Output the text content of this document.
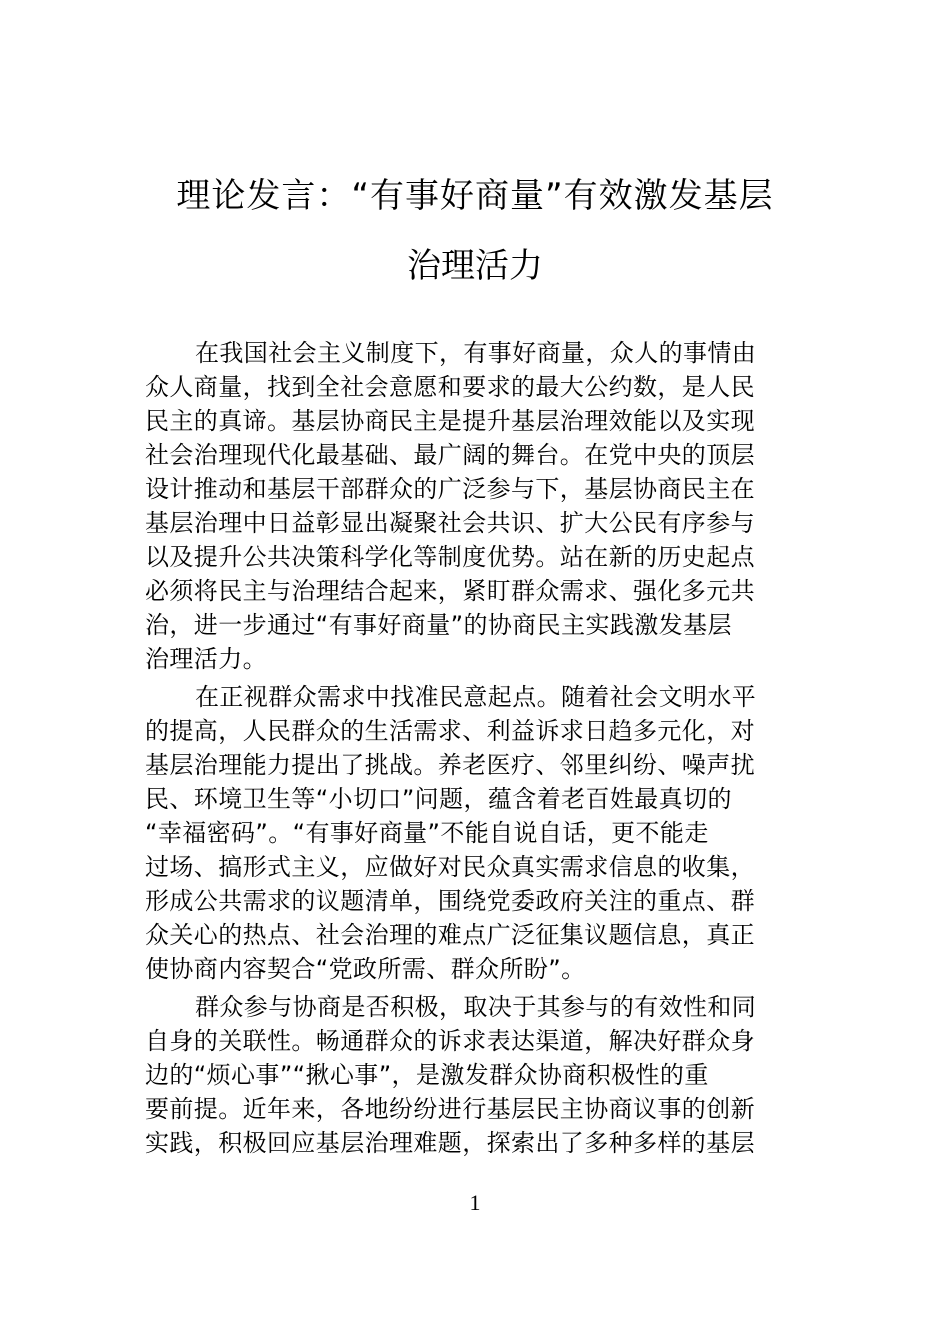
理论发言：“有事好商量”有效激发基层
治理活力
在我国社会主义制度下，有事好商量，众人的事情由
众人商量，找到全社会意愿和要求的最大公约数，是人民
民主的真谛。基层协商民主是提升基层治理效能以及实现
社会治理现代化最基础、最广阔的舞台。在党中央的顶层
设计推动和基层干部群众的广泛参与下，基层协商民主在
基层治理中日益彰显出凝聚社会共识、扩大公民有序参与
以及提升公共决策科学化等制度优势。站在新的历史起点
必须将民主与治理结合起来，紧盯群众需求、强化多元共
治，进一步通过“有事好商量”的协商民主实践激发基层
治理活力。
在正视群众需求中找准民意起点。随着社会文明水平
的提高，人民群众的生活需求、利益诉求日趋多元化，对
基层治理能力提出了挑战。养老医疗、邻里纠纷、噪声扰
民、环境卫生等“小切口”问题，蕴含着老百姓最真切的
“幸福密码”。“有事好商量”不能自说自话，更不能走
过场、搞形式主义，应做好对民众真实需求信息的收集，
形成公共需求的议题清单，围绕党委政府关注的重点、群
众关心的热点、社会治理的难点广泛征集议题信息，真正
使协商内容契合“党政所需、群众所盼”。
群众参与协商是否积极，取决于其参与的有效性和同
自身的关联性。畅通群众的诉求表达渠道，解决好群众身
边的“烦心事”“揪心事”，是激发群众协商积极性的重
要前提。近年来，各地纷纷进行基层民主协商议事的创新
实践，积极回应基层治理难题，探索出了多种多样的基层
1
